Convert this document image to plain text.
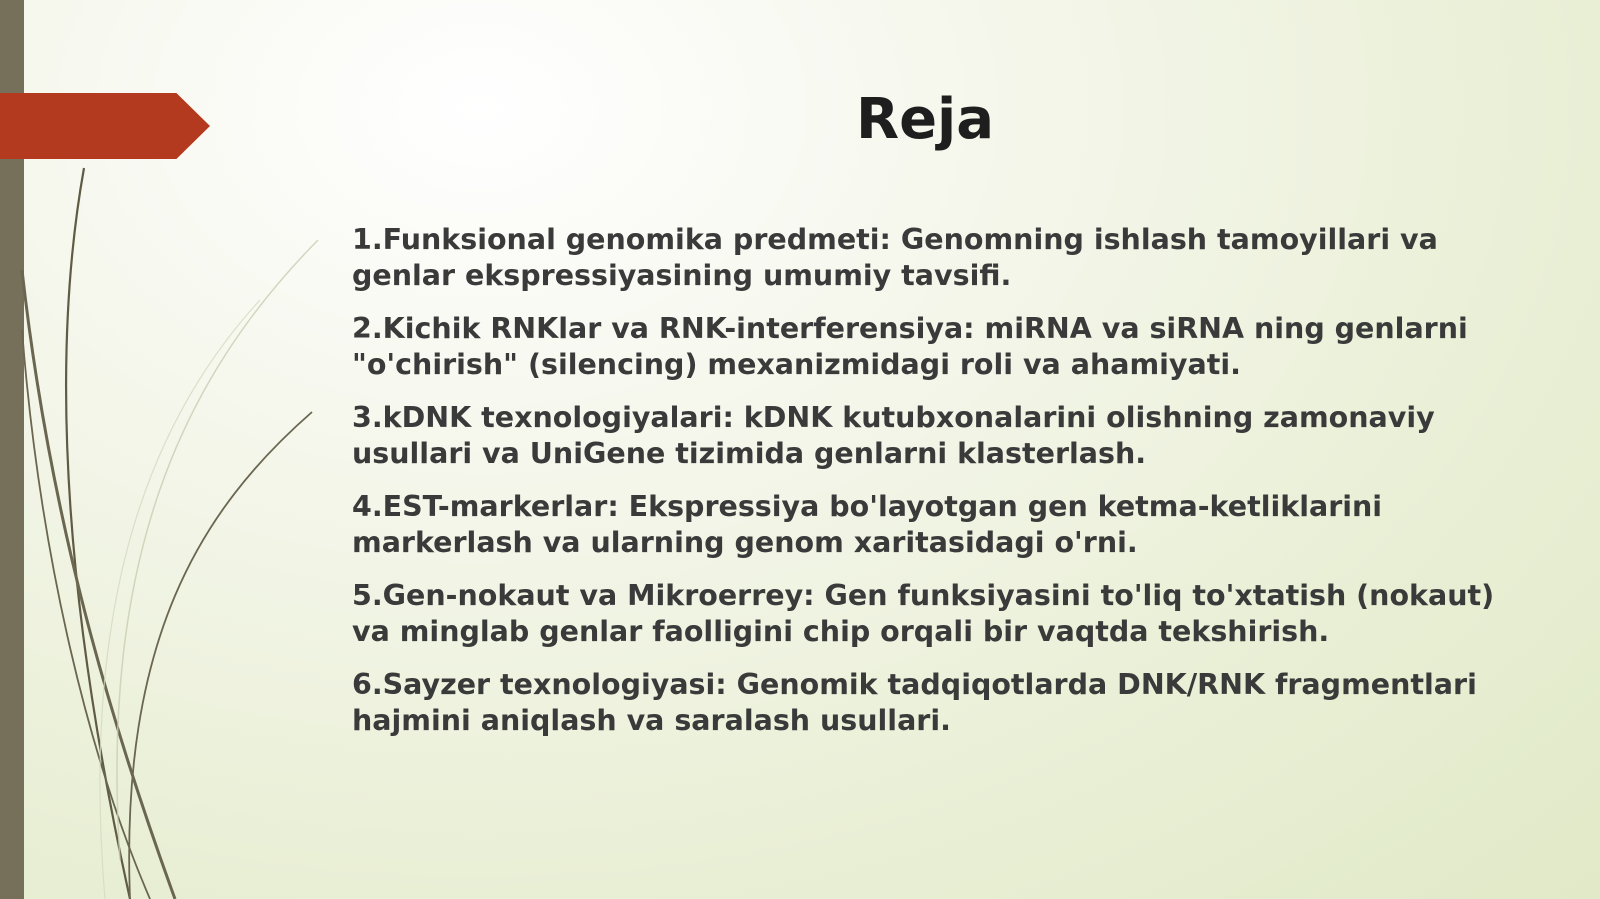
Reja
1.Funksional genomika predmeti: Genomning ishlash tamoyillari va genlar ekspressiyasining umumiy tavsifi.
2.Kichik RNKlar va RNK-interferensiya: miRNA va siRNA ning genlarni "o'chirish" (silencing) mexanizmidagi roli va ahamiyati.
3.kDNK texnologiyalari: kDNK kutubxonalarini olishning zamonaviy usullari va UniGene tizimida genlarni klasterlash.
4.EST-markerlar: Ekspressiya bo'layotgan gen ketma-ketliklarini markerlash va ularning genom xaritasidagi o'rni.
5.Gen-nokaut va Mikroerrey: Gen funksiyasini to'liq to'xtatish (nokaut) va minglab genlar faolligini chip orqali bir vaqtda tekshirish.
6.Sayzer texnologiyasi: Genomik tadqiqotlarda DNK/RNK fragmentlari hajmini aniqlash va saralash usullari.
